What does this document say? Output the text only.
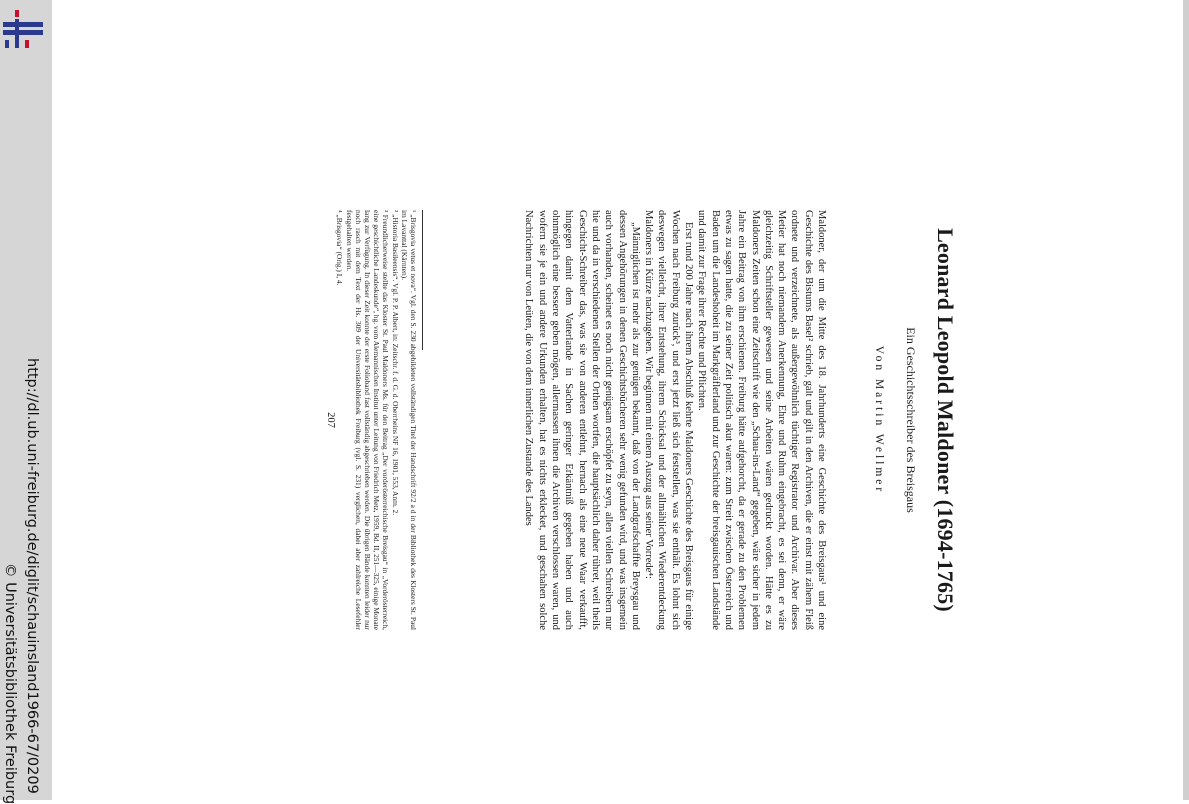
http://dl.ub.uni-freiburg.de/diglit/schauinsland1966-67/0209
© Universitätsbibliothek Freiburg
Leonard Leopold Maldoner (1694-1765)
Ein Geschichtsschreiber des Breisgaus
Von Martin Wellmer

Maldoner, der um die Mitte des 18. Jahrhunderts eine Geschichte des Breisgaus¹ und eine Geschichte des Bistums Basel² schrieb, galt und gilt in den Archiven, die er einst mit zähem Fleiß ordnete und verzeichnete, als außergewöhnlich tüchtiger Registrator und Archivar. Aber dieses Metier hat noch niemandem Anerkennung, Ehre und Ruhm eingebracht, es sei denn, er wäre gleichzeitig Schriftsteller gewesen und seine Arbeiten wären gedruckt worden. Hätte es zu Maldoners Zeiten schon eine Zeitschrift wie den „Schau-ins-Land“ gegeben, wäre sicher in jedem Jahre ein Beitrag von ihm erschienen. Freiburg hätte aufgehorcht, da er gerade zu den Problemen etwas zu sagen hatte, die zu seiner Zeit politisch akut waren: zum Streit zwischen Österreich und Baden um die Landeshoheit im Markgräflerland und zur Geschichte der breisgauischen Landstände und damit zur Frage ihrer Rechte und Pflichten.

Erst rund 200 Jahre nach ihrem Abschluß kehrte Maldoners Geschichte des Breisgaus für einige Wochen nach Freiburg zurück³, und erst jetzt ließ sich feststellen, was sie enthält. Es lohnt sich deswegen vielleicht, ihrer Entstehung, ihrem Schicksal und der allmählichen Wiederentdeckung Maldoners in Kürze nachzugehen. Wir beginnen mit einem Auszug aus seiner Vorrede⁴:

„Männiglichen ist mehr als zur genügen bekannt, daß von der Landgrafschaffte Breysgau und dessen Angehörungen in denen Geschichtsbücheren sehr wenig gefunden wird, und was insgemein auch vorhanden, scheinet es noch nicht genügsam erschöpfet zu seyn, allen viellen Schreibern nur hie und da in verschiedenen Stellen der Orthen wortfen, die hauptsächlich daher rühret, weil theils Geschicht-Schreiber das, was sie von anderen entlehnt, hernach als eine neue Waar verkaufft, hingegen damit dem Vatterlande in Sachen geringer Erkäntniß gegeben haben und auch ohnmöglich eine bessere geben mögen, allermassen ihnen die Archiven verschlossen waren, und wofern sie je ein und andere Urkunden erhalten, hat es nichts erklecket, und geschahen solche Nachrichten nur von Leüten, die von dem innerlichen Zustande des Landes

¹ „Brisgovia vetus et nova“. Vgl. den S. 230 abgebildeten vollständigen Titel der Handschrift 92/2 a d in der Bibliothek des Klosters St. Paul im Lavanttal (Kärnten).

² „Historia Basileensis“. Vgl. P. P. Albert, in: Zeitschr. f. d. G. d. Oberrheins NF 16, 1901, 553, Anm. 2.

³ Freundlicherweise stellte das Kloster St. Paul Maldoners Ms. für den Beitrag „Der vorderösterreichische Breisgau“ in „Vorderösterreich, eine geschichtliche Landeskunde“, hg. vom Alemannischen Institut unter Leitung von Friedrich Metz, 1959, Bd. II, 251—325, einige Monate lang zur Verfügung. In dieser Zeit konnte der erste Folioband fast vollständig abgeschrieben werden. Die übrigen Bände konnten leider nur noch rasch mit dem Text der Hs. 309 der Universitätsbibliothek Freiburg (vgl. S. 231) verglichen, dabei aber zahlreiche Lesefehler festgehalten werden.

⁴ „Brisgovia“ (Orig.) I, 4.

207
